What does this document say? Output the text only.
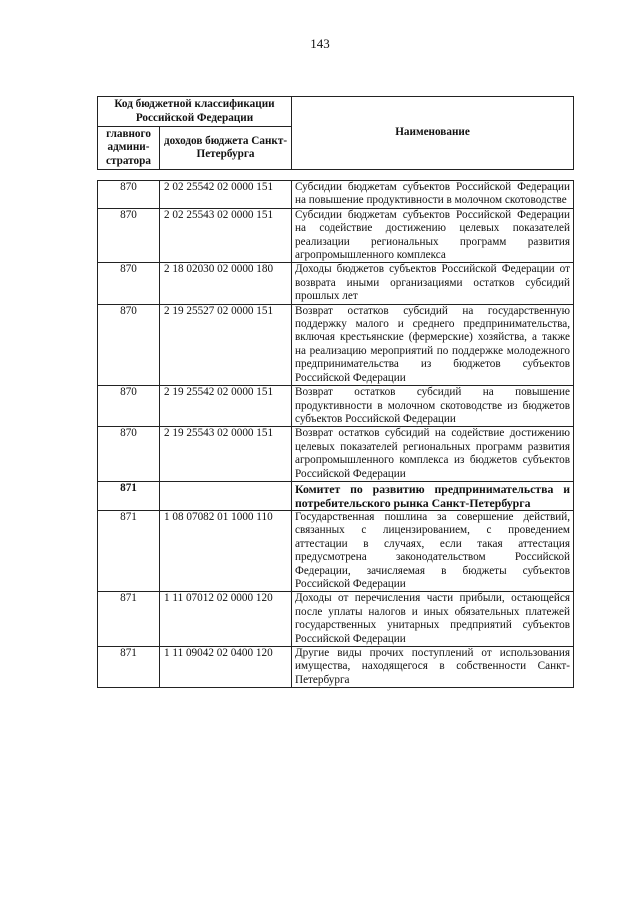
143
Код бюджетной классификации Российской Федерации		Наименование
главного админи-стратора	доходов бюджета Санкт-Петербурга	
870	2 02 25542 02 0000 151	Субсидии бюджетам субъектов Российской Федерации на повышение продуктивности в молочном скотоводстве
870	2 02 25543 02 0000 151	Субсидии бюджетам субъектов Российской Федерации на содействие достижению целевых показателей реализации региональных программ развития агропромышленного комплекса
870	2 18 02030 02 0000 180	Доходы бюджетов субъектов Российской Федерации от возврата иными организациями остатков субсидий прошлых лет
870	2 19 25527 02 0000 151	Возврат остатков субсидий на государственную поддержку малого и среднего предпринимательства, включая крестьянские (фермерские) хозяйства, а также на реализацию мероприятий по поддержке молодежного предпринимательства из бюджетов субъектов Российской Федерации
870	2 19 25542 02 0000 151	Возврат остатков субсидий на повышение продуктивности в молочном скотоводстве из бюджетов субъектов Российской Федерации
870	2 19 25543 02 0000 151	Возврат остатков субсидий на содействие достижению целевых показателей региональных программ развития агропромышленного комплекса из бюджетов субъектов Российской Федерации
871		Комитет по развитию предпринимательства и потребительского рынка Санкт-Петербурга
871	1 08 07082 01 1000 110	Государственная пошлина за совершение действий, связанных с лицензированием, с проведением аттестации в случаях, если такая аттестация предусмотрена законодательством Российской Федерации, зачисляемая в бюджеты субъектов Российской Федерации
871	1 11 07012 02 0000 120	Доходы от перечисления части прибыли, остающейся после уплаты налогов и иных обязательных платежей государственных унитарных предприятий субъектов Российской Федерации
871	1 11 09042 02 0400 120	Другие виды прочих поступлений от использования имущества, находящегося в собственности Санкт-Петербурга
